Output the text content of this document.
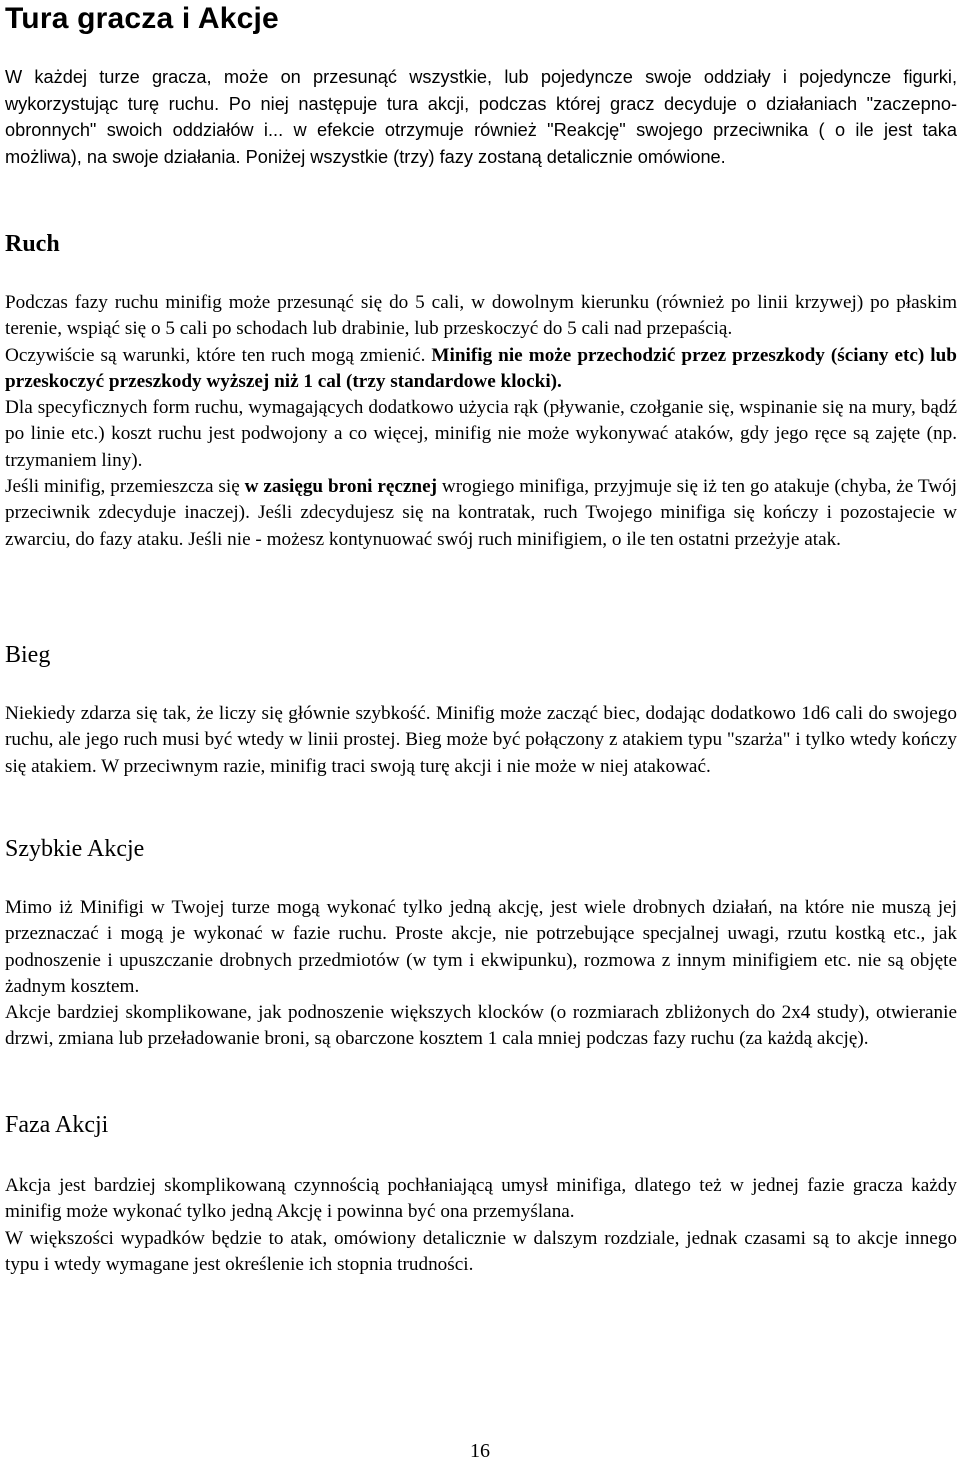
Tura gracza i Akcje

W każdej turze gracza, może on przesunąć wszystkie, lub pojedyncze swoje oddziały i pojedyncze figurki, wykorzystując turę ruchu. Po niej następuje tura akcji, podczas której gracz decyduje o działaniach "zaczepno-obronnych" swoich oddziałów i... w efekcie otrzymuje również "Reakcję" swojego przeciwnika ( o ile jest taka możliwa), na swoje działania. Poniżej wszystkie (trzy) fazy zostaną detalicznie omówione.

Ruch

Podczas fazy ruchu minifig może przesunąć się do 5 cali, w dowolnym kierunku (również po linii krzywej) po płaskim terenie, wspiąć się o 5 cali po schodach lub drabinie, lub przeskoczyć do 5 cali nad przepaścią.

Oczywiście są warunki, które ten ruch mogą zmienić. Minifig nie może przechodzić przez przeszkody (ściany etc) lub przeskoczyć przeszkody wyższej niż 1 cal (trzy standardowe klocki).

Dla specyficznych form ruchu, wymagających dodatkowo użycia rąk (pływanie, czołganie się, wspinanie się na mury, bądź po linie etc.) koszt ruchu jest podwojony a co więcej, minifig nie może wykonywać ataków, gdy jego ręce są zajęte (np. trzymaniem liny).

Jeśli minifig, przemieszcza się w zasięgu broni ręcznej wrogiego minifiga, przyjmuje się iż ten go atakuje (chyba, że Twój przeciwnik zdecyduje inaczej). Jeśli zdecydujesz się na kontratak, ruch Twojego minifiga się kończy i pozostajecie w zwarciu, do fazy ataku. Jeśli nie - możesz kontynuować swój ruch minifigiem, o ile ten ostatni przeżyje atak.

Bieg

Niekiedy zdarza się tak, że liczy się głównie szybkość. Minifig może zacząć biec, dodając dodatkowo 1d6 cali do swojego ruchu, ale jego ruch musi być wtedy w linii prostej. Bieg może być połączony z atakiem typu "szarża" i tylko wtedy kończy się atakiem. W przeciwnym razie, minifig traci swoją turę akcji i nie może w niej atakować.

Szybkie Akcje

Mimo iż Minifigi w Twojej turze mogą wykonać tylko jedną akcję, jest wiele drobnych działań, na które nie muszą jej przeznaczać i mogą je wykonać w fazie ruchu. Proste akcje, nie potrzebujące specjalnej uwagi, rzutu kostką etc., jak podnoszenie i upuszczanie drobnych przedmiotów (w tym i ekwipunku), rozmowa z innym minifigiem etc. nie są objęte żadnym kosztem.

Akcje bardziej skomplikowane, jak podnoszenie większych klocków (o rozmiarach zbliżonych do 2x4 study), otwieranie drzwi, zmiana lub przeładowanie broni, są obarczone kosztem 1 cala mniej podczas fazy ruchu (za każdą akcję).

Faza Akcji

Akcja jest bardziej skomplikowaną czynnością pochłaniającą umysł minifiga, dlatego też w jednej fazie gracza każdy minifig może wykonać tylko jedną Akcję i powinna być ona przemyślana.

W większości wypadków będzie to atak, omówiony detalicznie w dalszym rozdziale, jednak czasami są to akcje innego typu i wtedy wymagane jest określenie ich stopnia trudności.

16
